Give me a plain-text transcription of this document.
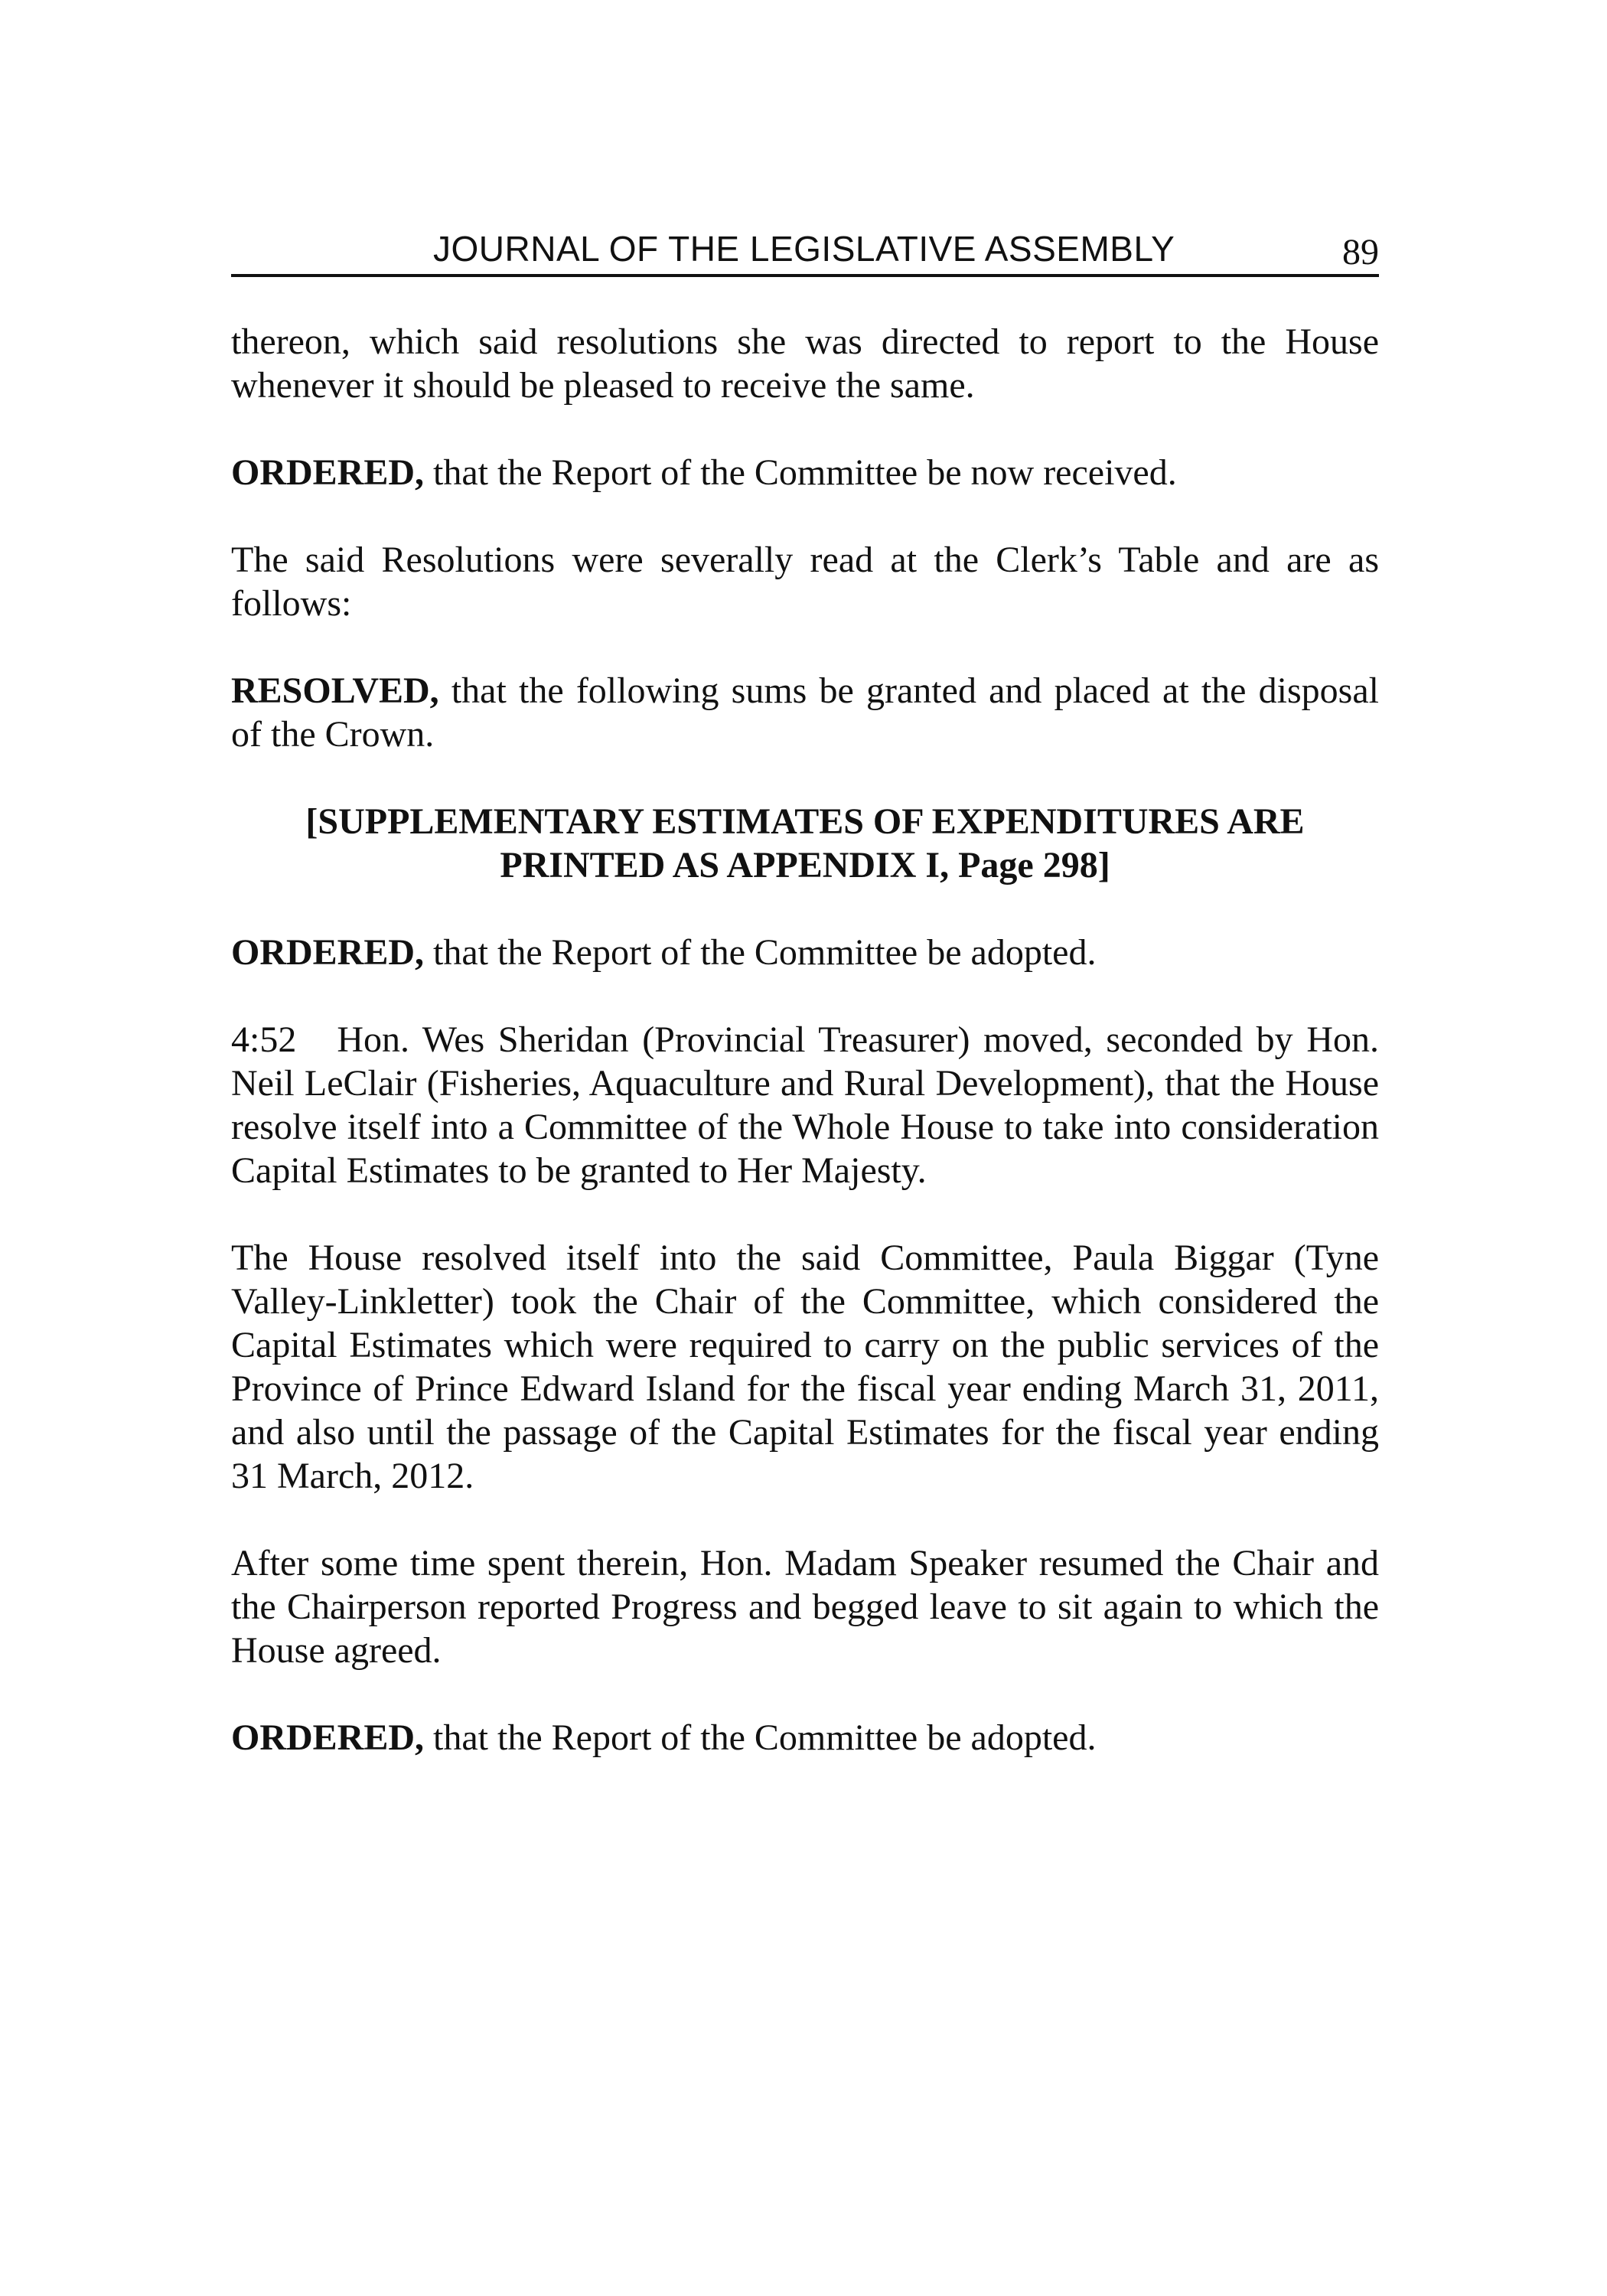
JOURNAL OF THE LEGISLATIVE ASSEMBLY	89

thereon, which said resolutions she was directed to report to the House whenever it should be pleased to receive the same.

ORDERED, that the Report of the Committee be now received.

The said Resolutions were severally read at the Clerk’s Table and are as follows:

RESOLVED, that the following sums be granted and placed at the disposal of the Crown.

[SUPPLEMENTARY ESTIMATES OF EXPENDITURES ARE
PRINTED AS APPENDIX I, Page 298]

ORDERED, that the Report of the Committee be adopted.

4:52   Hon. Wes Sheridan (Provincial Treasurer) moved, seconded by Hon. Neil LeClair (Fisheries, Aquaculture and Rural Development), that the House resolve itself into a Committee of the Whole House to take into consideration Capital Estimates to be granted to Her Majesty.

The House resolved itself into the said Committee, Paula Biggar (Tyne Valley-Linkletter) took the Chair of the Committee, which considered the Capital Estimates which were required to carry on the public services of the Province of Prince Edward Island for the fiscal year ending March 31, 2011, and also until the passage of the Capital Estimates for the fiscal year ending 31 March, 2012.

After some time spent therein, Hon. Madam Speaker resumed the Chair and the Chairperson reported Progress and begged leave to sit again to which the House agreed.

ORDERED, that the Report of the Committee be adopted.
